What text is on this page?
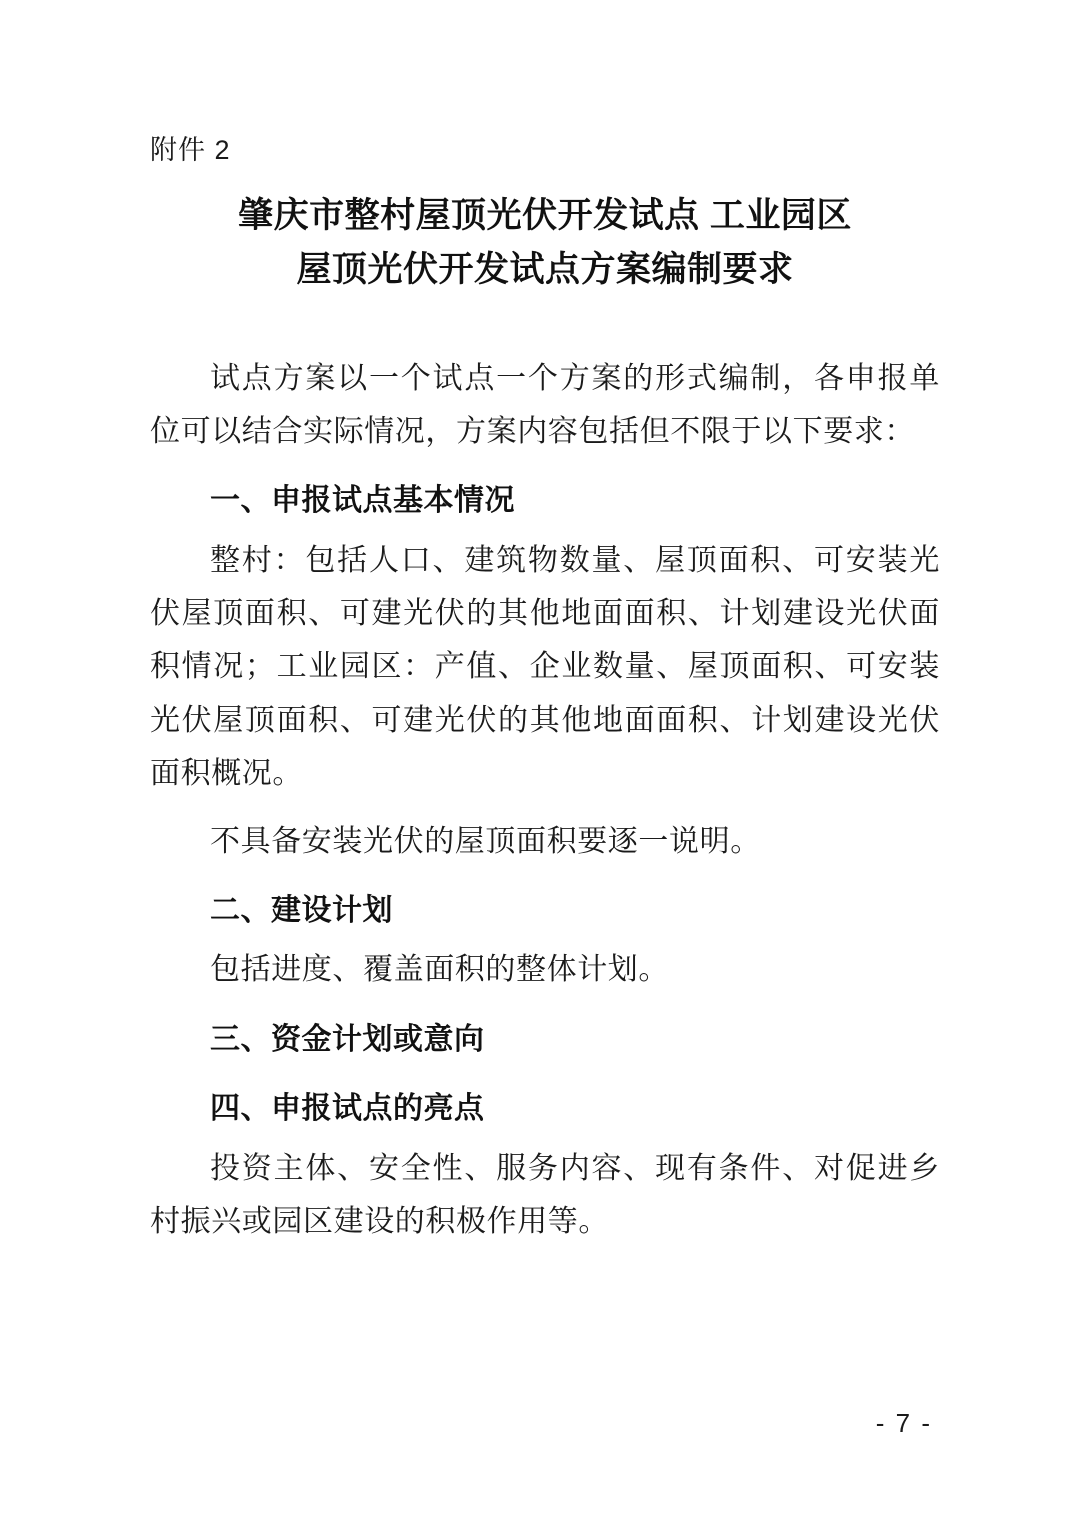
附件 2
肇庆市整村屋顶光伏开发试点 工业园区
屋顶光伏开发试点方案编制要求

试点方案以一个试点一个方案的形式编制，各申报单位可以结合实际情况，方案内容包括但不限于以下要求：

一、申报试点基本情况

整村：包括人口、建筑物数量、屋顶面积、可安装光伏屋顶面积、可建光伏的其他地面面积、计划建设光伏面积情况；工业园区：产值、企业数量、屋顶面积、可安装光伏屋顶面积、可建光伏的其他地面面积、计划建设光伏面积概况。

不具备安装光伏的屋顶面积要逐一说明。

二、建设计划

包括进度、覆盖面积的整体计划。

三、资金计划或意向
四、申报试点的亮点

投资主体、安全性、服务内容、现有条件、对促进乡村振兴或园区建设的积极作用等。

- 7 -
